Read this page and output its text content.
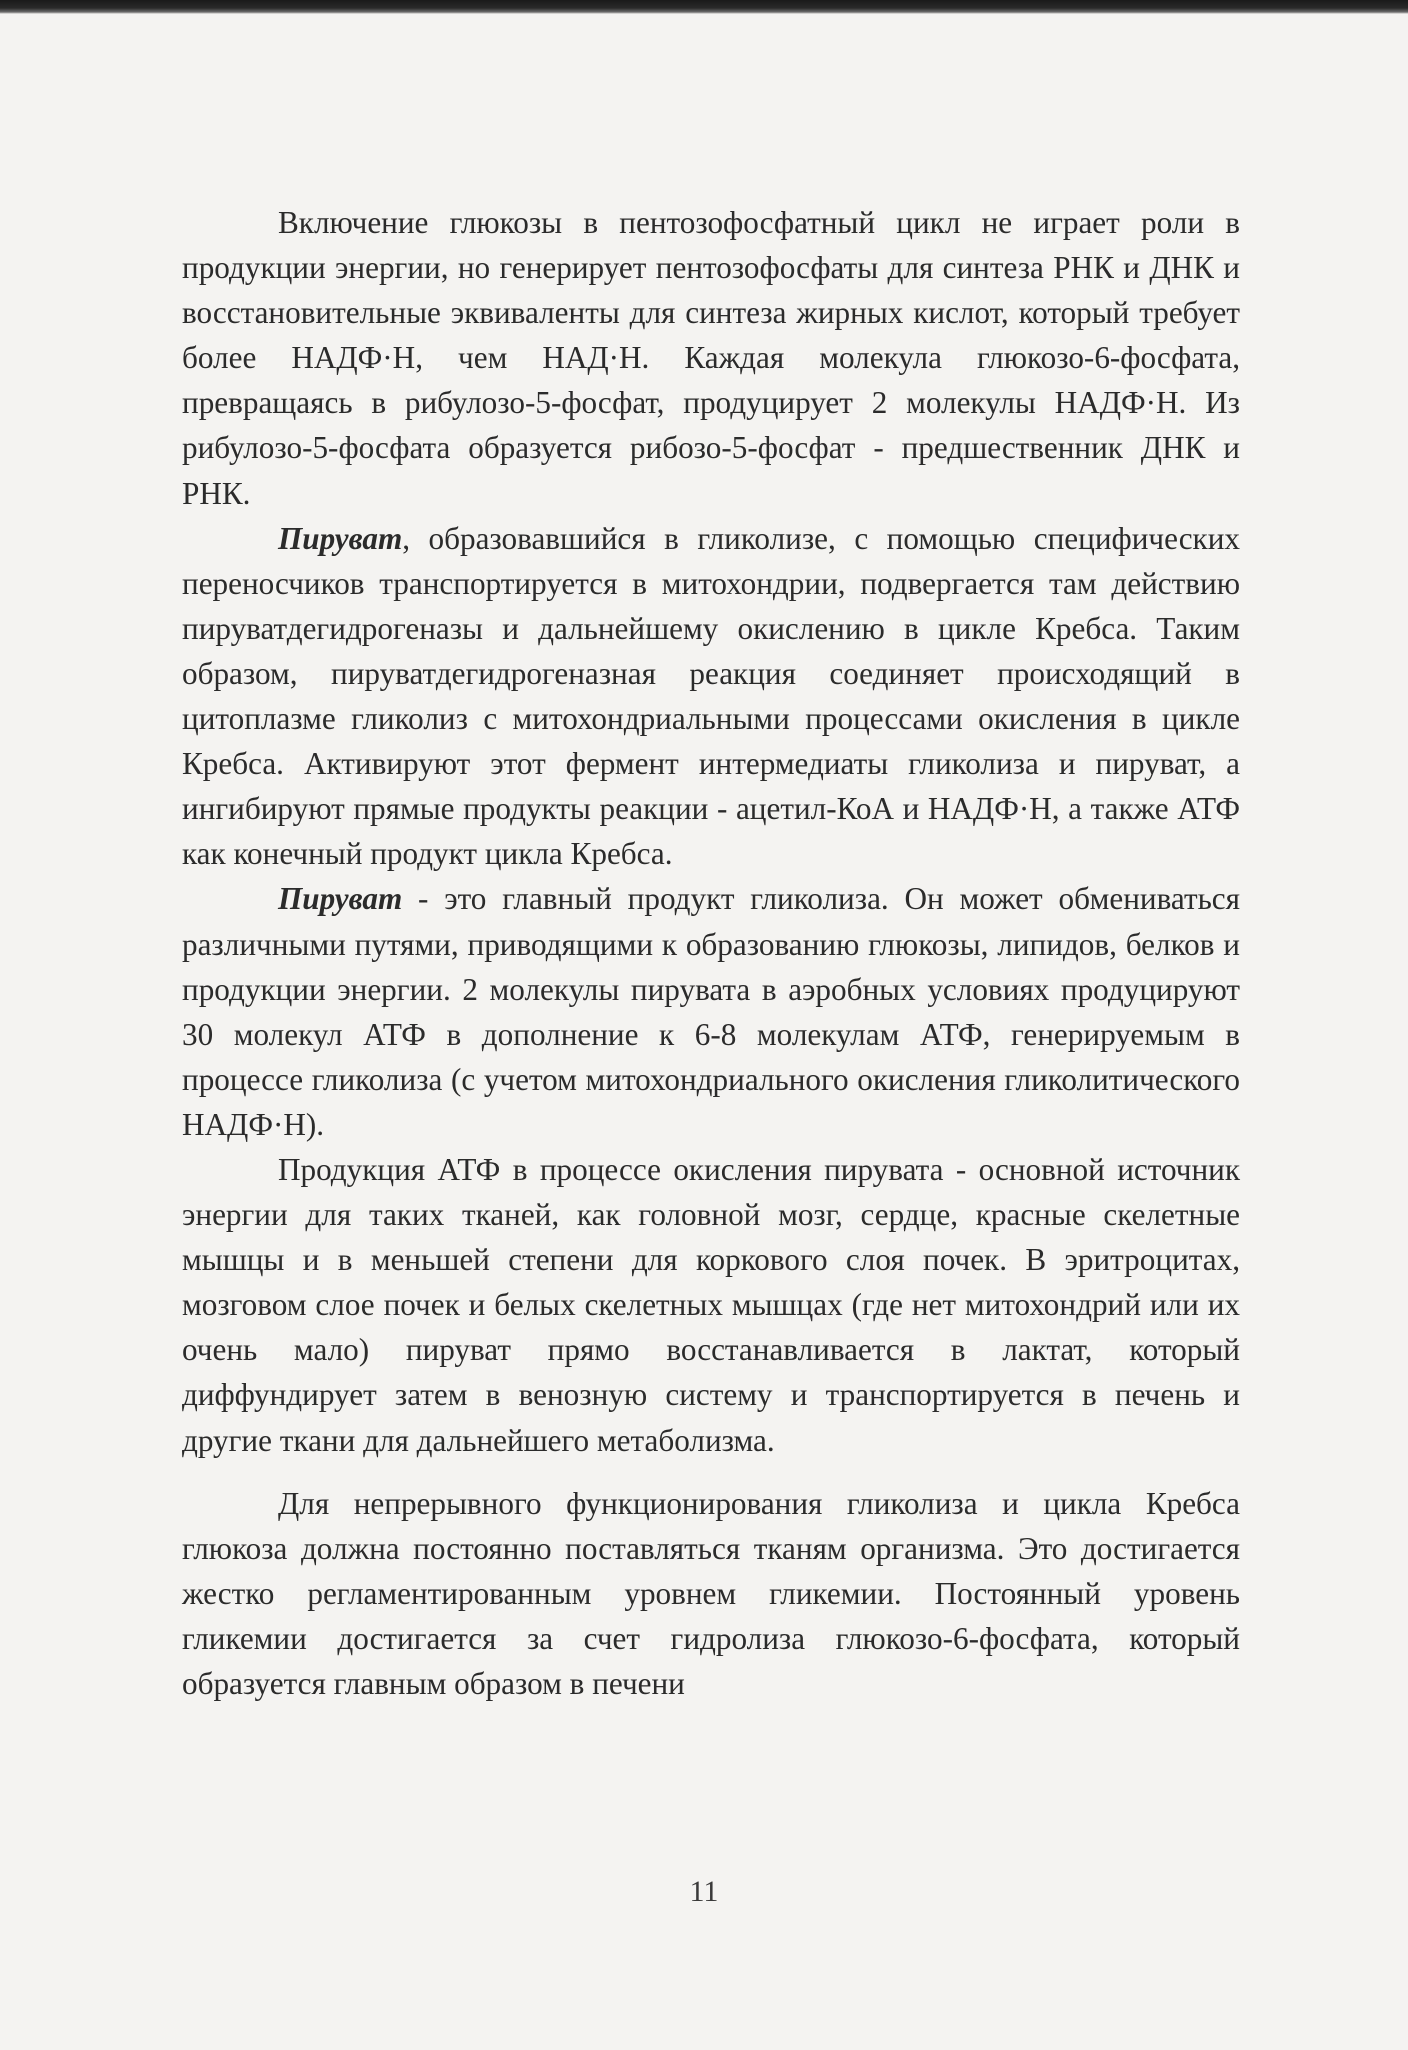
Включение глюкозы в пентозофосфатный цикл не играет роли в продукции энергии, но генерирует пентозофосфаты для синтеза РНК и ДНК и восстановительные эквиваленты для синтеза жирных кислот, который требует более НАДФ·Н, чем НАД·Н. Каждая молекула глюкозо-6-фосфата, превращаясь в рибулозо-5-фосфат, продуцирует 2 молекулы НАДФ·Н. Из рибулозо-5-фосфата образуется рибозо-5-фосфат - предшественник ДНК и РНК.

Пируват, образовавшийся в гликолизе, с помощью специфических переносчиков транспортируется в митохондрии, подвергается там действию пируватдегидрогеназы и дальнейшему окислению в цикле Кребса. Таким образом, пируватдегидрогеназная реакция соединяет происходящий в цитоплазме гликолиз с митохондриальными процессами окисления в цикле Кребса. Активируют этот фермент интермедиаты гликолиза и пируват, а ингибируют прямые продукты реакции - ацетил-КоА и НАДФ·Н, а также АТФ как конечный продукт цикла Кребса.

Пируват - это главный продукт гликолиза. Он может обмениваться различными путями, приводящими к образованию глюкозы, липидов, белков и продукции энергии. 2 молекулы пирувата в аэробных условиях продуцируют 30 молекул АТФ в дополнение к 6-8 молекулам АТФ, генерируемым в процессе гликолиза (с учетом митохондриального окисления гликолитического НАДФ·Н).

Продукция АТФ в процессе окисления пирувата - основной источник энергии для таких тканей, как головной мозг, сердце, красные скелетные мышцы и в меньшей степени для коркового слоя почек. В эритроцитах, мозговом слое почек и белых скелетных мышцах (где нет митохондрий или их очень мало) пируват прямо восстанавливается в лактат, который диффундирует затем в венозную систему и транспортируется в печень и другие ткани для дальнейшего метаболизма.

Для непрерывного функционирования гликолиза и цикла Кребса глюкоза должна постоянно поставляться тканям организма. Это достигается жестко регламентированным уровнем гликемии. Постоянный уровень гликемии достигается за счет гидролиза глюкозо-6-фосфата, который образуется главным образом в печени

11
